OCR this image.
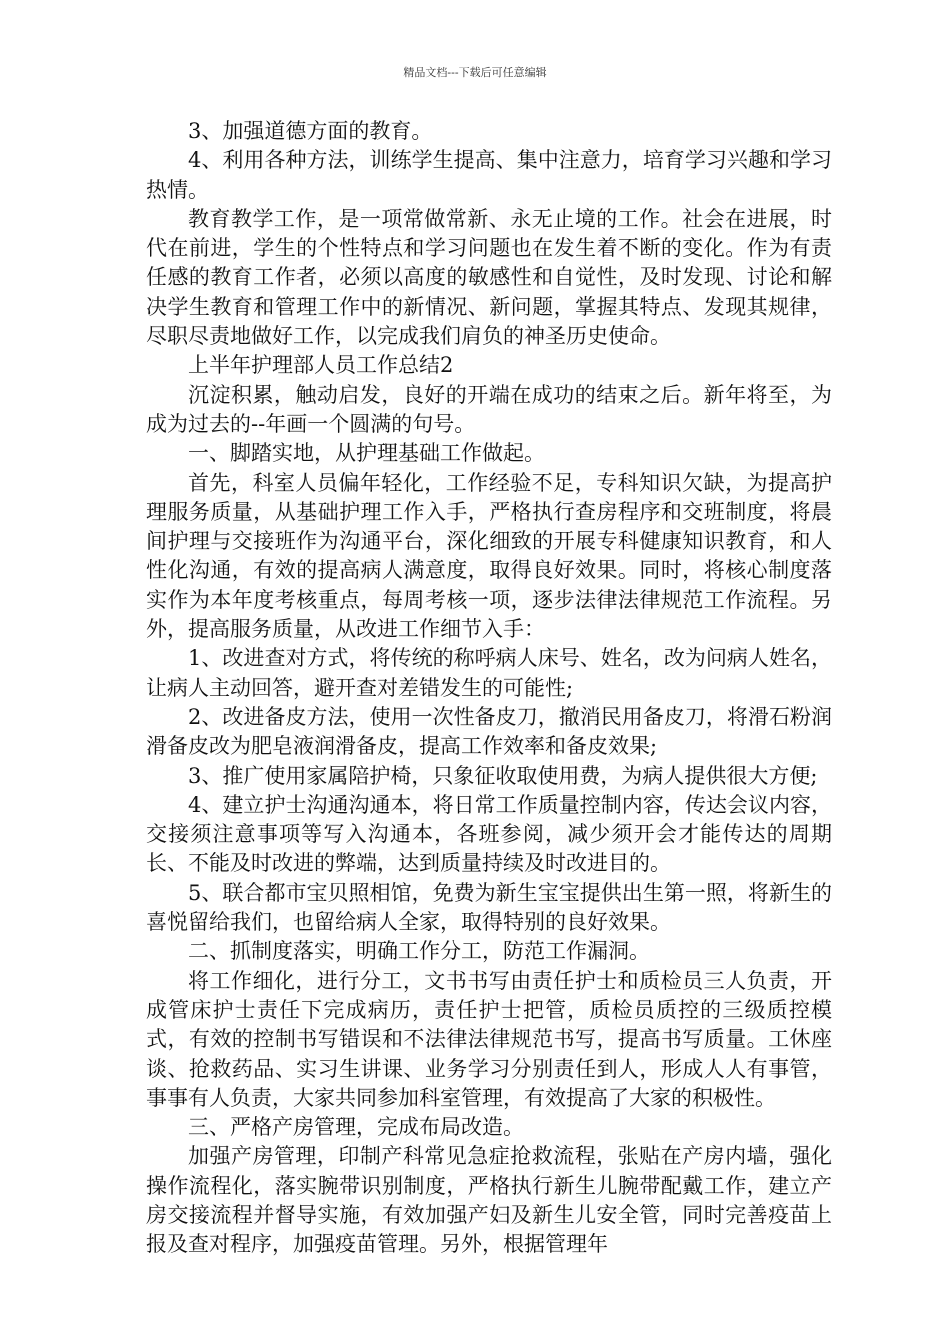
精品文档---下载后可任意编辑

3、加强道德方面的教育。

4、利用各种方法，训练学生提高、集中注意力，培育学习兴趣和学习热情。

教育教学工作，是一项常做常新、永无止境的工作。社会在进展，时代在前进，学生的个性特点和学习问题也在发生着不断的变化。作为有责任感的教育工作者，必须以高度的敏感性和自觉性，及时发现、讨论和解决学生教育和管理工作中的新情况、新问题，掌握其特点、发现其规律，尽职尽责地做好工作，以完成我们肩负的神圣历史使命。

上半年护理部人员工作总结2

沉淀积累，触动启发，良好的开端在成功的结束之后。新年将至，为成为过去的--年画一个圆满的句号。

一、脚踏实地，从护理基础工作做起。

首先，科室人员偏年轻化，工作经验不足，专科知识欠缺，为提高护理服务质量，从基础护理工作入手，严格执行查房程序和交班制度，将晨间护理与交接班作为沟通平台，深化细致的开展专科健康知识教育，和人性化沟通，有效的提高病人满意度，取得良好效果。同时，将核心制度落实作为本年度考核重点，每周考核一项，逐步法律法律规范工作流程。另外，提高服务质量，从改进工作细节入手：

1、改进查对方式，将传统的称呼病人床号、姓名，改为问病人姓名，让病人主动回答，避开查对差错发生的可能性;

2、改进备皮方法，使用一次性备皮刀，撤消民用备皮刀，将滑石粉润滑备皮改为肥皂液润滑备皮，提高工作效率和备皮效果;

3、推广使用家属陪护椅，只象征收取使用费，为病人提供很大方便;

4、建立护士沟通沟通本，将日常工作质量控制内容，传达会议内容，交接须注意事项等写入沟通本，各班参阅，减少须开会才能传达的周期长、不能及时改进的弊端，达到质量持续及时改进目的。

5、联合都市宝贝照相馆，免费为新生宝宝提供出生第一照，将新生的喜悦留给我们，也留给病人全家，取得特别的良好效果。

二、抓制度落实，明确工作分工，防范工作漏洞。

将工作细化，进行分工，文书书写由责任护士和质检员三人负责，开成管床护士责任下完成病历，责任护士把管，质检员质控的三级质控模式，有效的控制书写错误和不法律法律规范书写，提高书写质量。工休座谈、抢救药品、实习生讲课、业务学习分别责任到人，形成人人有事管，事事有人负责，大家共同参加科室管理，有效提高了大家的积极性。

三、严格产房管理，完成布局改造。

加强产房管理，印制产科常见急症抢救流程，张贴在产房内墙，强化操作流程化，落实腕带识别制度，严格执行新生儿腕带配戴工作，建立产房交接流程并督导实施，有效加强产妇及新生儿安全管，同时完善疫苗上报及查对程序，加强疫苗管理。另外，根据管理年
